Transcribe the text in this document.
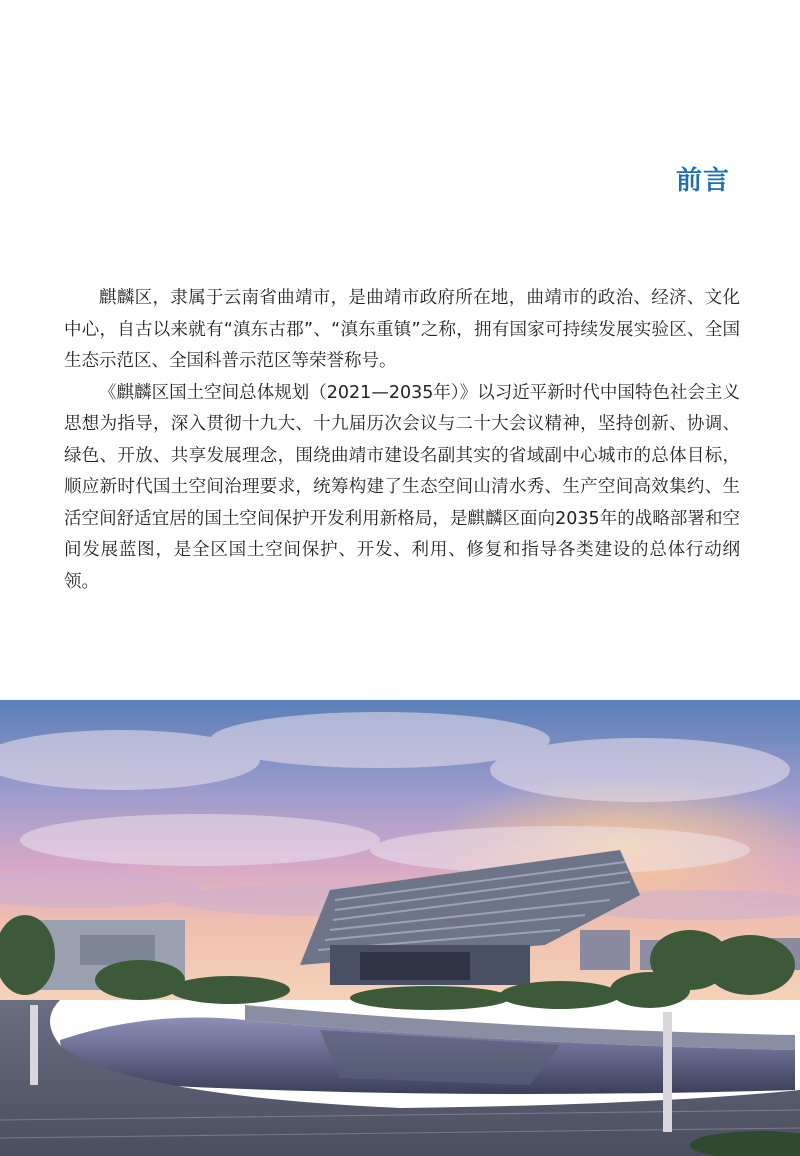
前言

麒麟区，隶属于云南省曲靖市，是曲靖市政府所在地，曲靖市的政治、经济、文化中心，自古以来就有“滇东古郡”、“滇东重镇”之称，拥有国家可持续发展实验区、全国生态示范区、全国科普示范区等荣誉称号。

《麒麟区国土空间总体规划（2021—2035年）》以习近平新时代中国特色社会主义思想为指导，深入贯彻十九大、十九届历次会议与二十大会议精神，坚持创新、协调、绿色、开放、共享发展理念，围绕曲靖市建设名副其实的省域副中心城市的总体目标，顺应新时代国土空间治理要求，统筹构建了生态空间山清水秀、生产空间高效集约、生活空间舒适宜居的国土空间保护开发利用新格局，是麒麟区面向2035年的战略部署和空间发展蓝图，是全区国土空间保护、开发、利用、修复和指导各类建设的总体行动纲领。
